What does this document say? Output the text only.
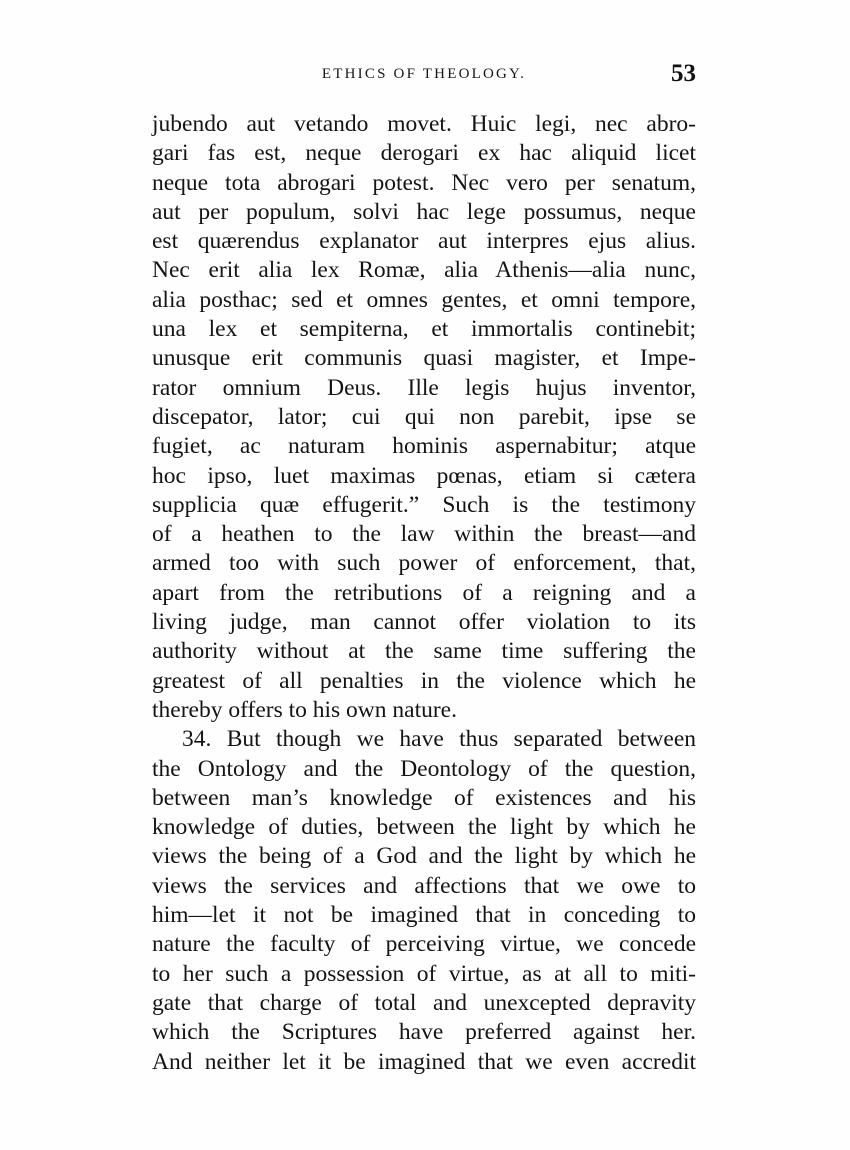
ETHICS OF THEOLOGY.	53
jubendo aut vetando movet. Huic legi, nec abro-
gari fas est, neque derogari ex hac aliquid licet
neque tota abrogari potest. Nec vero per senatum,
aut per populum, solvi hac lege possumus, neque
est quærendus explanator aut interpres ejus alius.
Nec erit alia lex Romæ, alia Athenis—alia nunc,
alia posthac; sed et omnes gentes, et omni tempore,
una lex et sempiterna, et immortalis continebit;
unusque erit communis quasi magister, et Impe-
rator omnium Deus. Ille legis hujus inventor,
discepator, lator; cui qui non parebit, ipse se
fugiet, ac naturam hominis aspernabitur; atque
hoc ipso, luet maximas pœnas, etiam si cætera
supplicia quæ effugerit.” Such is the testimony
of a heathen to the law within the breast—and
armed too with such power of enforcement, that,
apart from the retributions of a reigning and a
living judge, man cannot offer violation to its
authority without at the same time suffering the
greatest of all penalties in the violence which he
thereby offers to his own nature.
34. But though we have thus separated between
the Ontology and the Deontology of the question,
between man’s knowledge of existences and his
knowledge of duties, between the light by which he
views the being of a God and the light by which he
views the services and affections that we owe to
him—let it not be imagined that in conceding to
nature the faculty of perceiving virtue, we concede
to her such a possession of virtue, as at all to miti-
gate that charge of total and unexcepted depravity
which the Scriptures have preferred against her.
And neither let it be imagined that we even accredit
